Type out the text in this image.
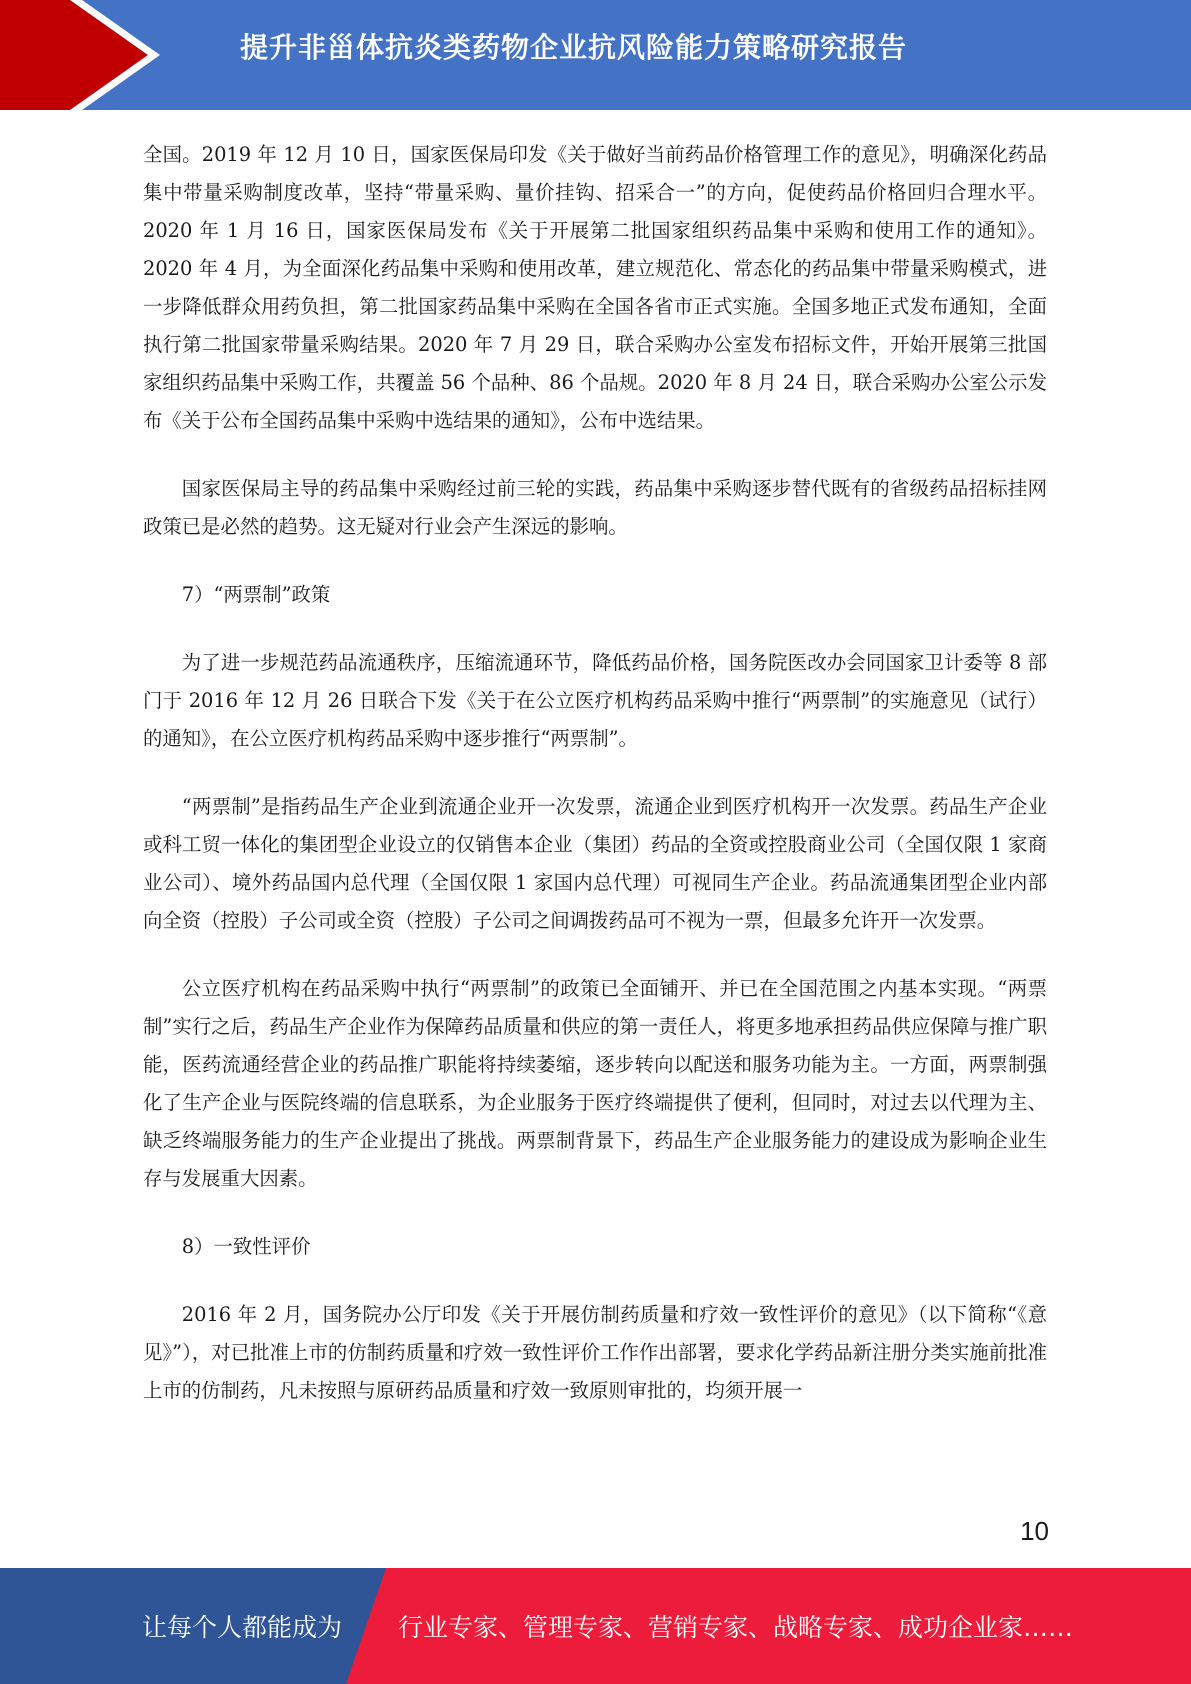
提升非甾体抗炎类药物企业抗风险能力策略研究报告

全国。2019 年 12 月 10 日，国家医保局印发《关于做好当前药品价格管理工作的意见》，明确深化药品集中带量采购制度改革，坚持“带量采购、量价挂钩、招采合一”的方向，促使药品价格回归合理水平。2020 年 1 月 16 日，国家医保局发布《关于开展第二批国家组织药品集中采购和使用工作的通知》。2020 年 4 月，为全面深化药品集中采购和使用改革，建立规范化、常态化的药品集中带量采购模式，进一步降低群众用药负担，第二批国家药品集中采购在全国各省市正式实施。全国多地正式发布通知，全面执行第二批国家带量采购结果。2020 年 7 月 29 日，联合采购办公室发布招标文件，开始开展第三批国家组织药品集中采购工作，共覆盖 56 个品种、86 个品规。2020 年 8 月 24 日，联合采购办公室公示发布《关于公布全国药品集中采购中选结果的通知》，公布中选结果。

国家医保局主导的药品集中采购经过前三轮的实践，药品集中采购逐步替代既有的省级药品招标挂网政策已是必然的趋势。这无疑对行业会产生深远的影响。

7）“两票制”政策

为了进一步规范药品流通秩序，压缩流通环节，降低药品价格，国务院医改办会同国家卫计委等 8 部门于 2016 年 12 月 26 日联合下发《关于在公立医疗机构药品采购中推行“两票制”的实施意见（试行）的通知》，在公立医疗机构药品采购中逐步推行“两票制”。

“两票制”是指药品生产企业到流通企业开一次发票，流通企业到医疗机构开一次发票。药品生产企业或科工贸一体化的集团型企业设立的仅销售本企业（集团）药品的全资或控股商业公司（全国仅限 1 家商业公司）、境外药品国内总代理（全国仅限 1 家国内总代理）可视同生产企业。药品流通集团型企业内部向全资（控股）子公司或全资（控股）子公司之间调拨药品可不视为一票，但最多允许开一次发票。

公立医疗机构在药品采购中执行“两票制”的政策已全面铺开、并已在全国范围之内基本实现。“两票制”实行之后，药品生产企业作为保障药品质量和供应的第一责任人，将更多地承担药品供应保障与推广职能，医药流通经营企业的药品推广职能将持续萎缩，逐步转向以配送和服务功能为主。一方面，两票制强化了生产企业与医院终端的信息联系，为企业服务于医疗终端提供了便利，但同时，对过去以代理为主、缺乏终端服务能力的生产企业提出了挑战。两票制背景下，药品生产企业服务能力的建设成为影响企业生存与发展重大因素。

8）一致性评价

2016 年 2 月，国务院办公厅印发《关于开展仿制药质量和疗效一致性评价的意见》（以下简称“《意见》”），对已批准上市的仿制药质量和疗效一致性评价工作作出部署，要求化学药品新注册分类实施前批准上市的仿制药，凡未按照与原研药品质量和疗效一致原则审批的，均须开展一

10
让每个人都能成为 行业专家、管理专家、营销专家、战略专家、成功企业家……
